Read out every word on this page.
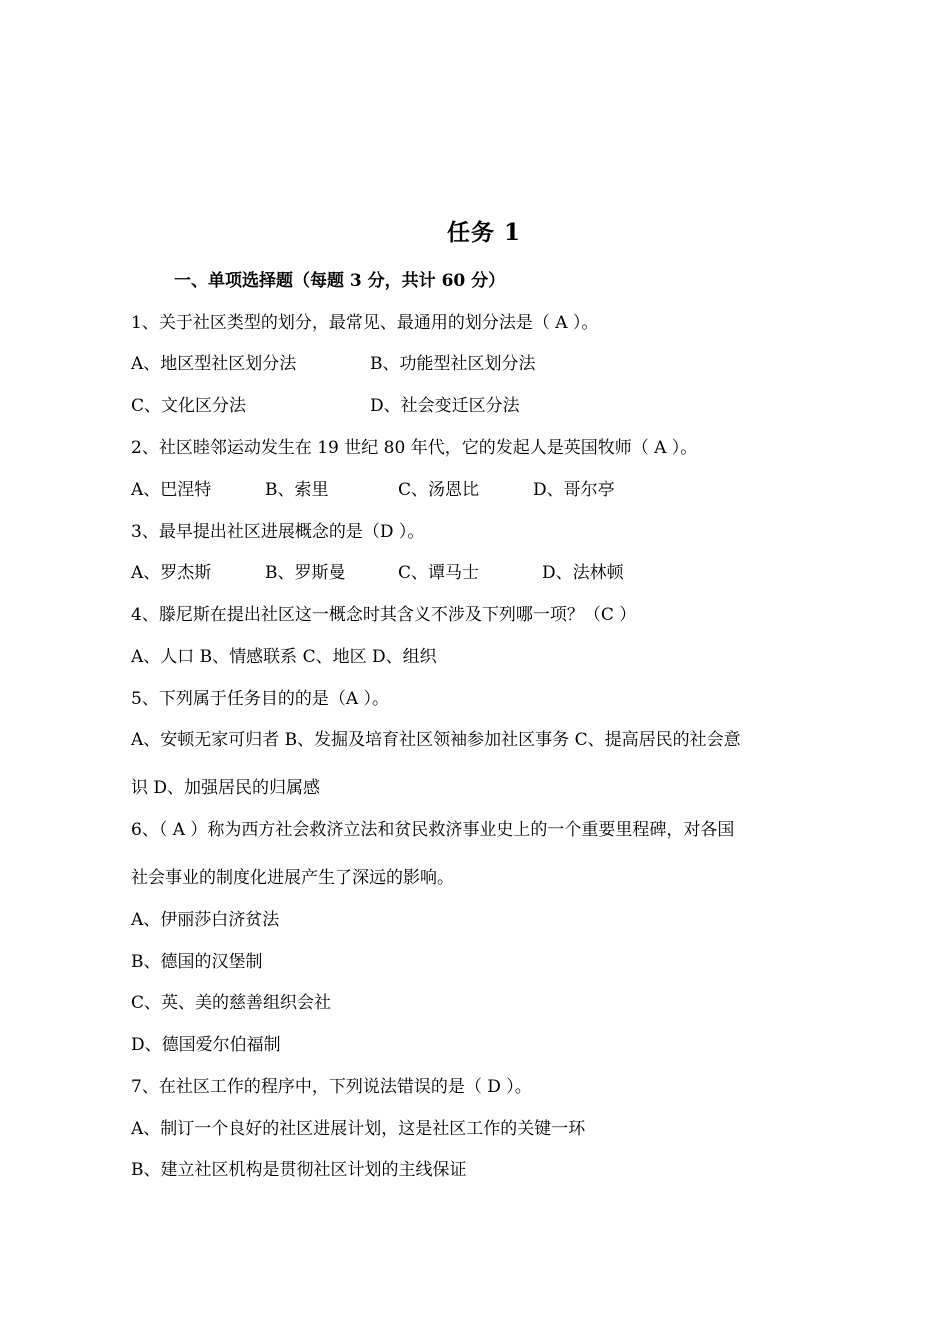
任务 1
一、单项选择题（每题 3 分，共计 60 分）
1、关于社区类型的划分，最常见、最通用的划分法是（ A ）。
A、地区型社区划分法	B、功能型社区划分法
C、文化区分法	D、社会变迁区分法
2、社区睦邻运动发生在 19 世纪 80 年代，它的发起人是英国牧师（ A ）。
A、巴涅特	B、索里	C、汤恩比	D、哥尔亭
3、最早提出社区进展概念的是（D ）。
A、罗杰斯	B、罗斯曼	C、谭马士	D、法林顿
4、滕尼斯在提出社区这一概念时其含义不涉及下列哪一项？（C ）
A、人口 B、情感联系 C、地区 D、组织
5、下列属于任务目的的是（A ）。
A、安顿无家可归者 B、发掘及培育社区领袖参加社区事务 C、提高居民的社会意
识 D、加强居民的归属感
6、（ A ）称为西方社会救济立法和贫民救济事业史上的一个重要里程碑，对各国
社会事业的制度化进展产生了深远的影响。
A、伊丽莎白济贫法
B、德国的汉堡制
C、英、美的慈善组织会社
D、德国爱尔伯福制
7、在社区工作的程序中，下列说法错误的是（ D ）。
A、制订一个良好的社区进展计划，这是社区工作的关键一环
B、建立社区机构是贯彻社区计划的主线保证
